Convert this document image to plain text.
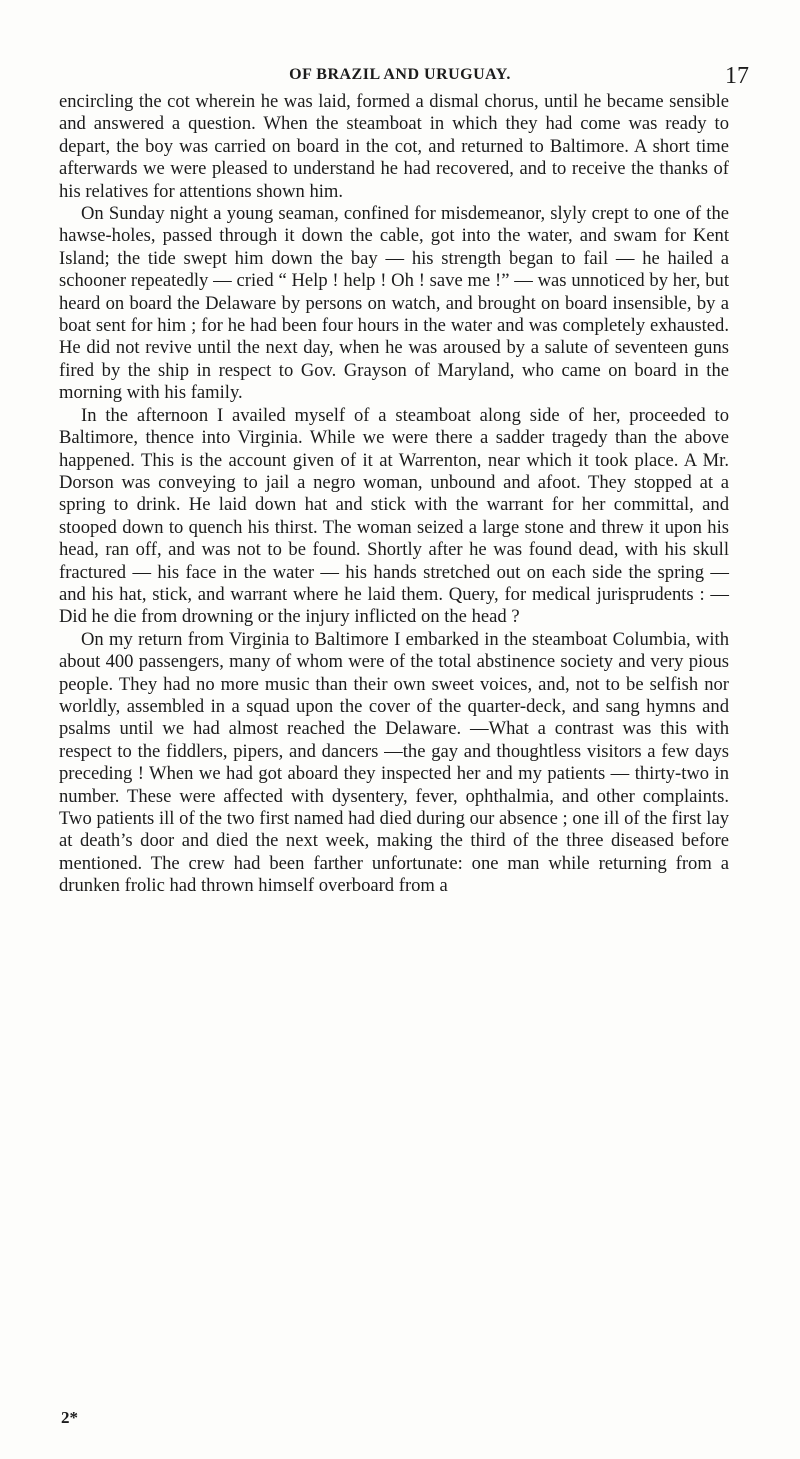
OF BRAZIL AND URUGUAY.	17

encircling the cot wherein he was laid, formed a dismal chorus, until he became sensible and answered a question. When the steamboat in which they had come was ready to depart, the boy was carried on board in the cot, and returned to Baltimore. A short time afterwards we were pleased to understand he had recovered, and to receive the thanks of his relatives for attentions shown him.

On Sunday night a young seaman, confined for misdemeanor, slyly crept to one of the hawse-holes, passed through it down the cable, got into the water, and swam for Kent Island; the tide swept him down the bay — his strength began to fail — he hailed a schooner repeatedly — cried “ Help ! help ! Oh ! save me !” — was unnoticed by her, but heard on board the Delaware by persons on watch, and brought on board insensible, by a boat sent for him ; for he had been four hours in the water and was completely exhausted. He did not revive until the next day, when he was aroused by a salute of seventeen guns fired by the ship in respect to Gov. Grayson of Maryland, who came on board in the morning with his family.

In the afternoon I availed myself of a steamboat along side of her, proceeded to Baltimore, thence into Virginia. While we were there a sadder tragedy than the above happened. This is the account given of it at Warrenton, near which it took place. A Mr. Dorson was conveying to jail a negro woman, unbound and afoot. They stopped at a spring to drink. He laid down hat and stick with the warrant for her committal, and stooped down to quench his thirst. The woman seized a large stone and threw it upon his head, ran off, and was not to be found. Shortly after he was found dead, with his skull fractured — his face in the water — his hands stretched out on each side the spring — and his hat, stick, and warrant where he laid them. Query, for medical jurisprudents : — Did he die from drowning or the injury inflicted on the head ?

On my return from Virginia to Baltimore I embarked in the steamboat Columbia, with about 400 passengers, many of whom were of the total abstinence society and very pious people. They had no more music than their own sweet voices, and, not to be selfish nor worldly, assembled in a squad upon the cover of the quarter-deck, and sang hymns and psalms until we had almost reached the Delaware. —What a contrast was this with respect to the fiddlers, pipers, and dancers —the gay and thoughtless visitors a few days preceding ! When we had got aboard they inspected her and my patients — thirty-two in number. These were affected with dysentery, fever, ophthalmia, and other complaints. Two patients ill of the two first named had died during our absence ; one ill of the first lay at death’s door and died the next week, making the third of the three diseased before mentioned. The crew had been farther unfortunate: one man while returning from a drunken frolic had thrown himself overboard from a

2*
